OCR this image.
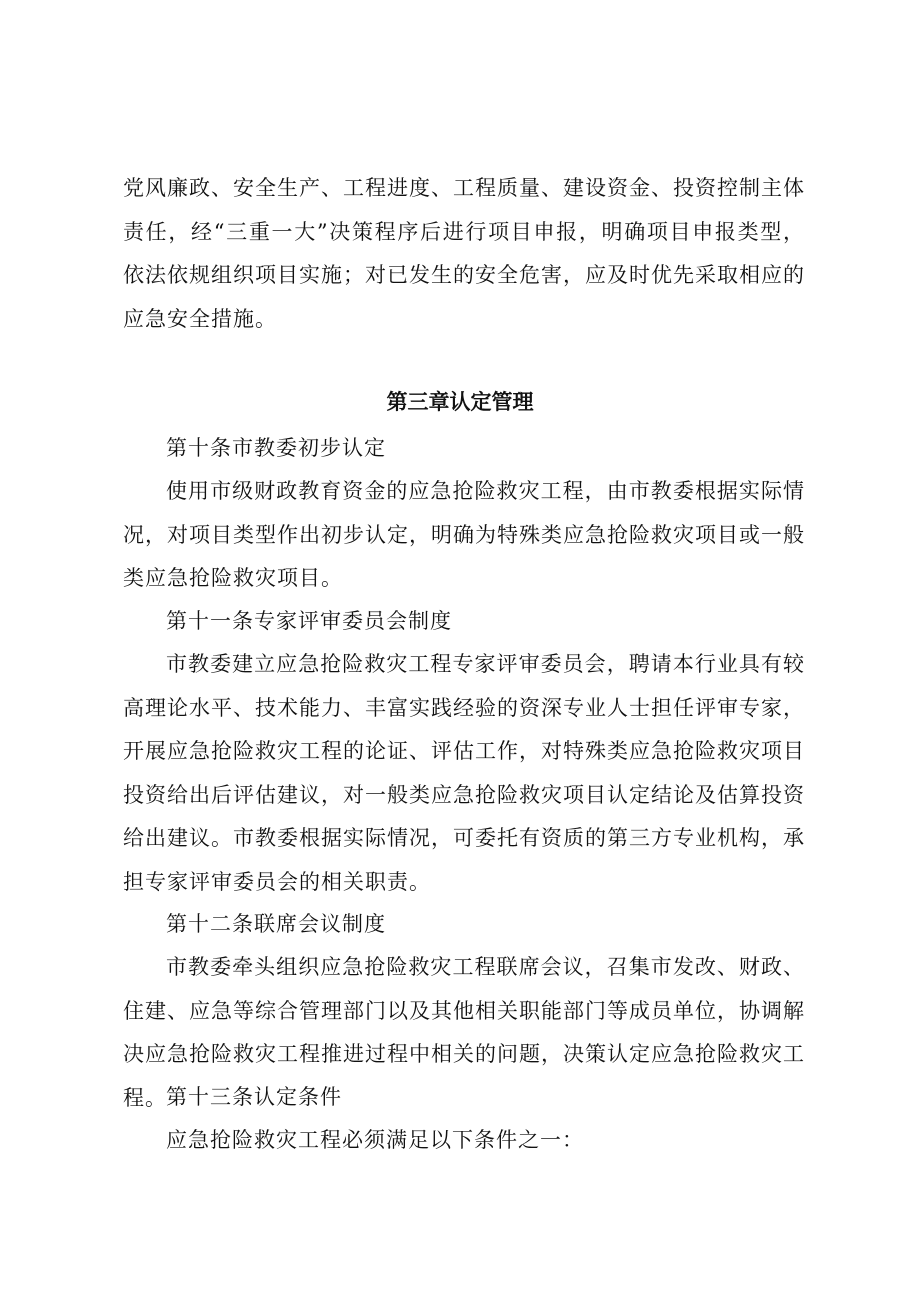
党风廉政、安全生产、工程进度、工程质量、建设资金、投资控制主体责任，经“三重一大”决策程序后进行项目申报，明确项目申报类型，依法依规组织项目实施；对已发生的安全危害，应及时优先采取相应的应急安全措施。

第三章认定管理

第十条市教委初步认定

使用市级财政教育资金的应急抢险救灾工程，由市教委根据实际情况，对项目类型作出初步认定，明确为特殊类应急抢险救灾项目或一般类应急抢险救灾项目。

第十一条专家评审委员会制度

市教委建立应急抢险救灾工程专家评审委员会，聘请本行业具有较高理论水平、技术能力、丰富实践经验的资深专业人士担任评审专家，开展应急抢险救灾工程的论证、评估工作，对特殊类应急抢险救灾项目投资给出后评估建议，对一般类应急抢险救灾项目认定结论及估算投资给出建议。市教委根据实际情况，可委托有资质的第三方专业机构，承担专家评审委员会的相关职责。

第十二条联席会议制度

市教委牵头组织应急抢险救灾工程联席会议，召集市发改、财政、住建、应急等综合管理部门以及其他相关职能部门等成员单位，协调解决应急抢险救灾工程推进过程中相关的问题，决策认定应急抢险救灾工程。 第十三条认定条件

应急抢险救灾工程必须满足以下条件之一：
